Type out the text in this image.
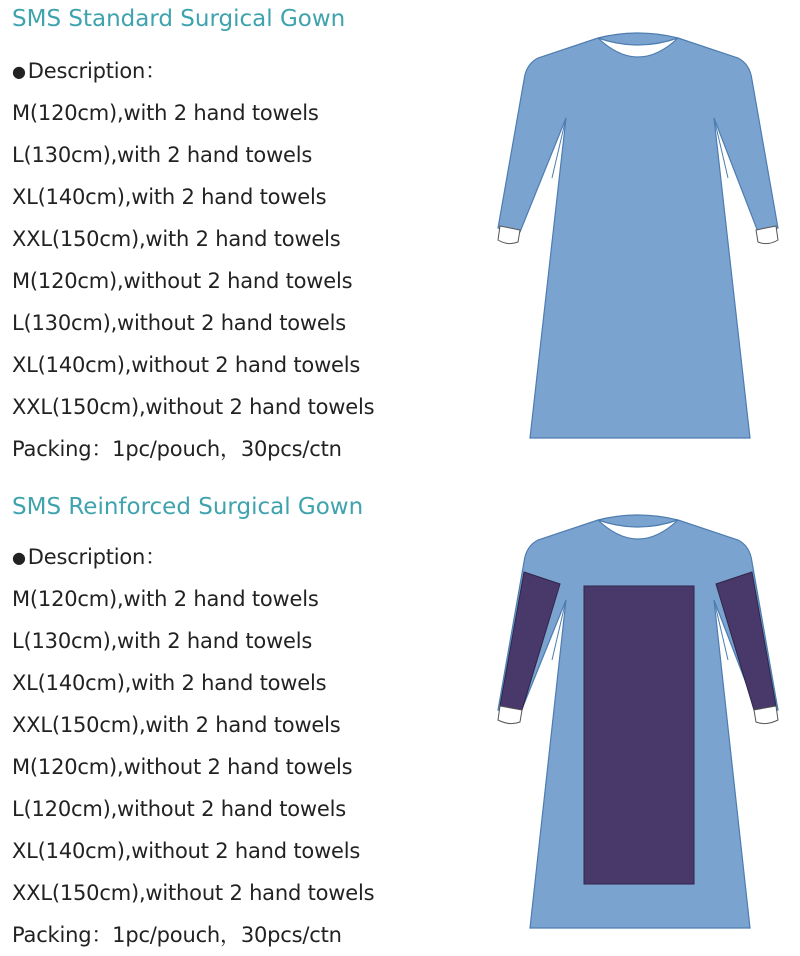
SMS Standard Surgical Gown
●Description：
M(120cm),with 2 hand towels
L(130cm),with 2 hand towels
XL(140cm),with 2 hand towels
XXL(150cm),with 2 hand towels
M(120cm),without 2 hand towels
L(130cm),without 2 hand towels
XL(140cm),without 2 hand towels
XXL(150cm),without 2 hand towels
Packing：1pc/pouch，30pcs/ctn
SMS Reinforced Surgical Gown
●Description：
M(120cm),with 2 hand towels
L(130cm),with 2 hand towels
XL(140cm),with 2 hand towels
XXL(150cm),with 2 hand towels
M(120cm),without 2 hand towels
L(120cm),without 2 hand towels
XL(140cm),without 2 hand towels
XXL(150cm),without 2 hand towels
Packing：1pc/pouch，30pcs/ctn
